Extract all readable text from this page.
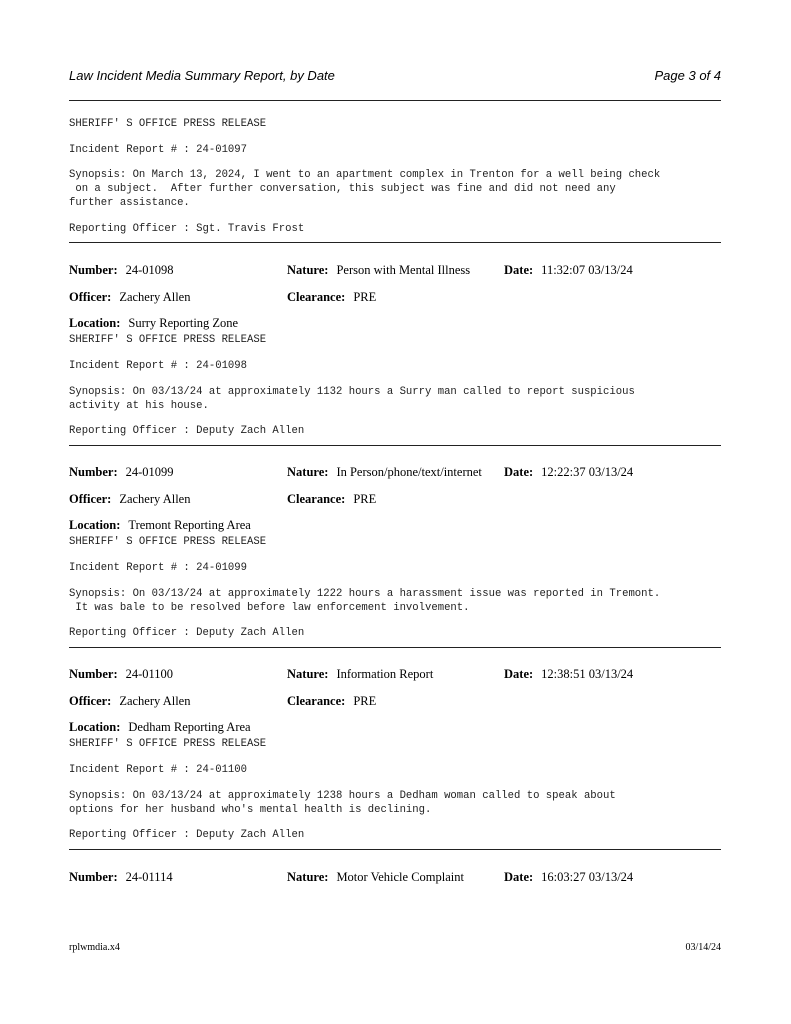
Law Incident Media Summary Report, by Date	Page 3 of 4
SHERIFF' S OFFICE PRESS RELEASE
Incident Report # : 24-01097
Synopsis: On March 13, 2024, I went to an apartment complex in Trenton for a well being check
on a subject.  After further conversation, this subject was fine and did not need any
further assistance.
Reporting Officer : Sgt. Travis Frost
Number: 24-01098	Nature: Person with Mental Illness	Date: 11:32:07 03/13/24
Officer: Zachery Allen	Clearance: PRE
Location: Surry Reporting Zone
SHERIFF' S OFFICE PRESS RELEASE
Incident Report # : 24-01098
Synopsis: On 03/13/24 at approximately 1132 hours a Surry man called to report suspicious
activity at his house.
Reporting Officer : Deputy Zach Allen
Number: 24-01099	Nature: In Person/phone/text/internet Date: 12:22:37 03/13/24
Officer: Zachery Allen	Clearance: PRE
Location: Tremont Reporting Area
SHERIFF' S OFFICE PRESS RELEASE
Incident Report # : 24-01099
Synopsis: On 03/13/24 at approximately 1222 hours a harassment issue was reported in Tremont.
It was bale to be resolved before law enforcement involvement.
Reporting Officer : Deputy Zach Allen
Number: 24-01100	Nature: Information Report	Date: 12:38:51 03/13/24
Officer: Zachery Allen	Clearance: PRE
Location: Dedham Reporting Area
SHERIFF' S OFFICE PRESS RELEASE
Incident Report # : 24-01100
Synopsis: On 03/13/24 at approximately 1238 hours a Dedham woman called to speak about
options for her husband who's mental health is declining.
Reporting Officer : Deputy Zach Allen
Number: 24-01114	Nature: Motor Vehicle Complaint	Date: 16:03:27 03/13/24
rplwmdia.x4	03/14/24
